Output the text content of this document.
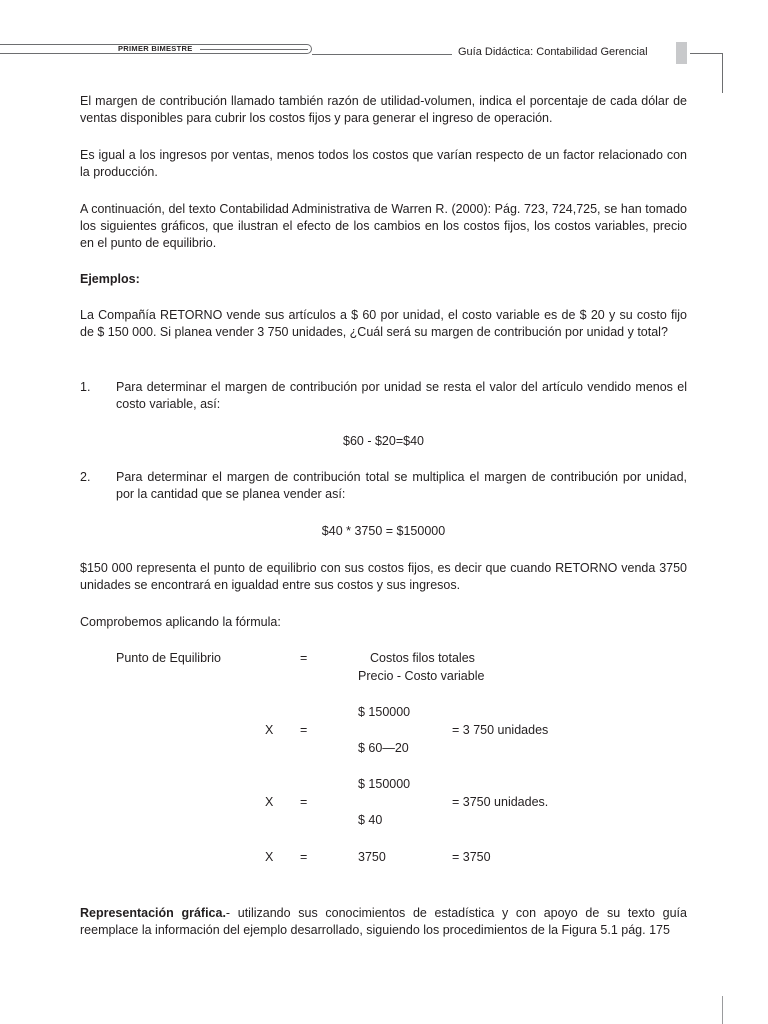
PRIMER BIMESTRE	Guía Didáctica: Contabilidad Gerencial

El margen de contribución llamado también razón de utilidad-volumen, indica el porcentaje de cada dólar de ventas disponibles para cubrir los costos fijos y para generar el ingreso de operación.

Es igual a los ingresos por ventas, menos todos los costos que varían respecto de un factor relacionado con la producción.

A continuación, del texto Contabilidad Administrativa de Warren R. (2000): Pág. 723, 724,725, se han tomado los siguientes gráficos, que ilustran el efecto de los cambios en los costos fijos, los costos variables, precio en el punto de equilibrio.

Ejemplos:

La Compañía RETORNO vende sus artículos a $ 60 por unidad, el costo variable es de $ 20 y su costo fijo de $ 150 000. Si planea vender 3 750 unidades, ¿Cuál será su margen de contribución por unidad y total?

1. Para determinar el margen de contribución por unidad se resta el valor del artículo vendido menos el costo variable, así:
$60 - $20=$40
2. Para determinar el margen de contribución total se multiplica el margen de contribución por unidad, por la cantidad que se planea vender así:
$40 * 3750 = $150000

$150 000 representa el punto de equilibrio con sus costos fijos, es decir que cuando RETORNO venda 3750 unidades se encontrará en igualdad entre sus costos y sus ingresos.

Comprobemos aplicando la fórmula:

Punto de Equilibrio	=	Costos filos totales
Precio - Costo variable
$ 150000
X =	= 3 750 unidades
$ 60—20
$ 150000
X =	= 3750 unidades.
$ 40
X =	3750	= 3750

Representación gráfica.- utilizando sus conocimientos de estadística y con apoyo de su texto guía reemplace la información del ejemplo desarrollado, siguiendo los procedimientos de la Figura 5.1 pág. 175
